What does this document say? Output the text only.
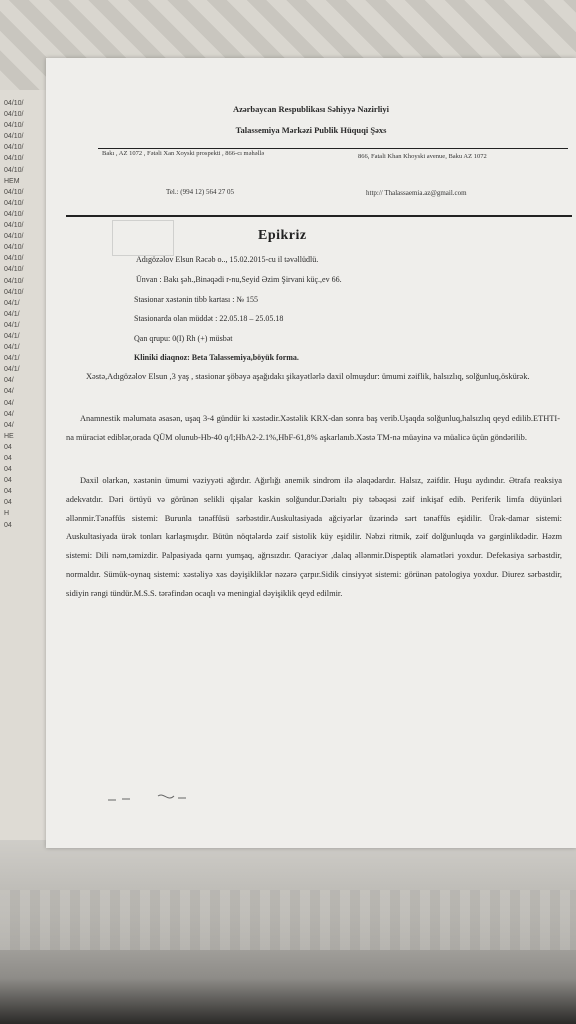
04/10/
04/10/
04/10/
04/10/
04/10/
04/10/
04/10/
HEM
04/10/
04/10/
04/10/
04/10/
04/10/
04/10/
04/10/
04/10/
04/10/
04/10/
04/1/
04/1/
04/1/
04/1/
04/1/
04/1/
04/1/
04/
04/
04/
04/
04/
HE
04
04
04
04
04
04
H
04
Azərbaycan Respublikası Səhiyyə Nazirliyi
Talassemiya Mərkəzi Publik Hüquqi Şəxs
Bakı , AZ 1072 , Fətəli Xan Xoyski prospekti , 866-cı məhəllə	866, Fatali Khan Khoyski avenue, Baku AZ 1072
Tel.: (994 12) 564 27 05	http:// Thalassaemia.az@gmail.com
Epikriz
Adıgözəlov Elsun Rəcəb o.., 15.02.2015-cu il təvəllüdlü.
Ünvan : Bakı şəh.,Binəqədi r-nu,Seyid Əzim Şirvani küç.,ev 66.
Stasionar xəstənin tibb kartası : № 155
Stasionarda olan müddət : 22.05.18 – 25.05.18
Qan qrupu: 0(I) Rh (+) müsbət
Kliniki diaqnoz: Beta Talassemiya,böyük forma.
Xəstə,Adıgözəlov Elsun ,3 yaş , stasionar şöbəyə aşağıdakı şikayətlərlə daxil olmuşdur: ümumi zəiflik, halsızlıq, solğunluq,öskürək.
Anamnestik məlumata əsasən, uşaq 3-4 gündür ki xəstədir.Xəstəlik KRX-dan sonra baş verib.Uşaqda solğunluq,halsızlıq qeyd edilib.ETHTI-na müraciət ediblər,orada QÜM olunub-Hb-40 q/l;HbA2-2.1%,HbF-61,8% aşkarlanıb.Xəstə TM-nə müayinə və müalicə üçün göndərilib.
Daxil olarkən, xəstənin ümumi vəziyyəti ağırdır. Ağırlığı anemik sindrom ilə əlaqədardır. Halsız, zəifdir. Huşu aydındır. Ətrafa reaksiya adekvatdır. Dəri örtüyü və görünən selikli qişalar kəskin solğundur.Dərialtı piy təbəqəsi zəif inkişaf edib. Periferik limfa düyünləri əllənmir.Tənəffüs sistemi: Burunla tənəffüsü sərbəstdir.Auskultasiyada ağciyərlər üzərində sərt tənəffüs eşidilir. Ürək-damar sistemi: Auskultasiyada ürək tonları karlaşmışdır. Bütün nöqtələrdə zəif sistolik küy eşidilir. Nəbzi ritmik, zəif dolğunluqda və gərginlikdədir. Həzm sistemi: Dili nəm,təmizdir. Palpasiyada qarnı yumşaq, ağrısızdır. Qaraciyər ,dalaq əllənmir.Dispeptik əlamətləri yoxdur. Defekasiya sərbəstdir, normaldır. Sümük-oynaq sistemi: xəstəliyə xas dəyişikliklər nəzərə çarpır.Sidik cinsiyyət sistemi: görünən patologiya yoxdur. Diurez sərbəstdir, sidiyin rəngi tündür.M.S.S. tərəfindən ocaqlı və meningial dəyişiklik qeyd edilmir.
